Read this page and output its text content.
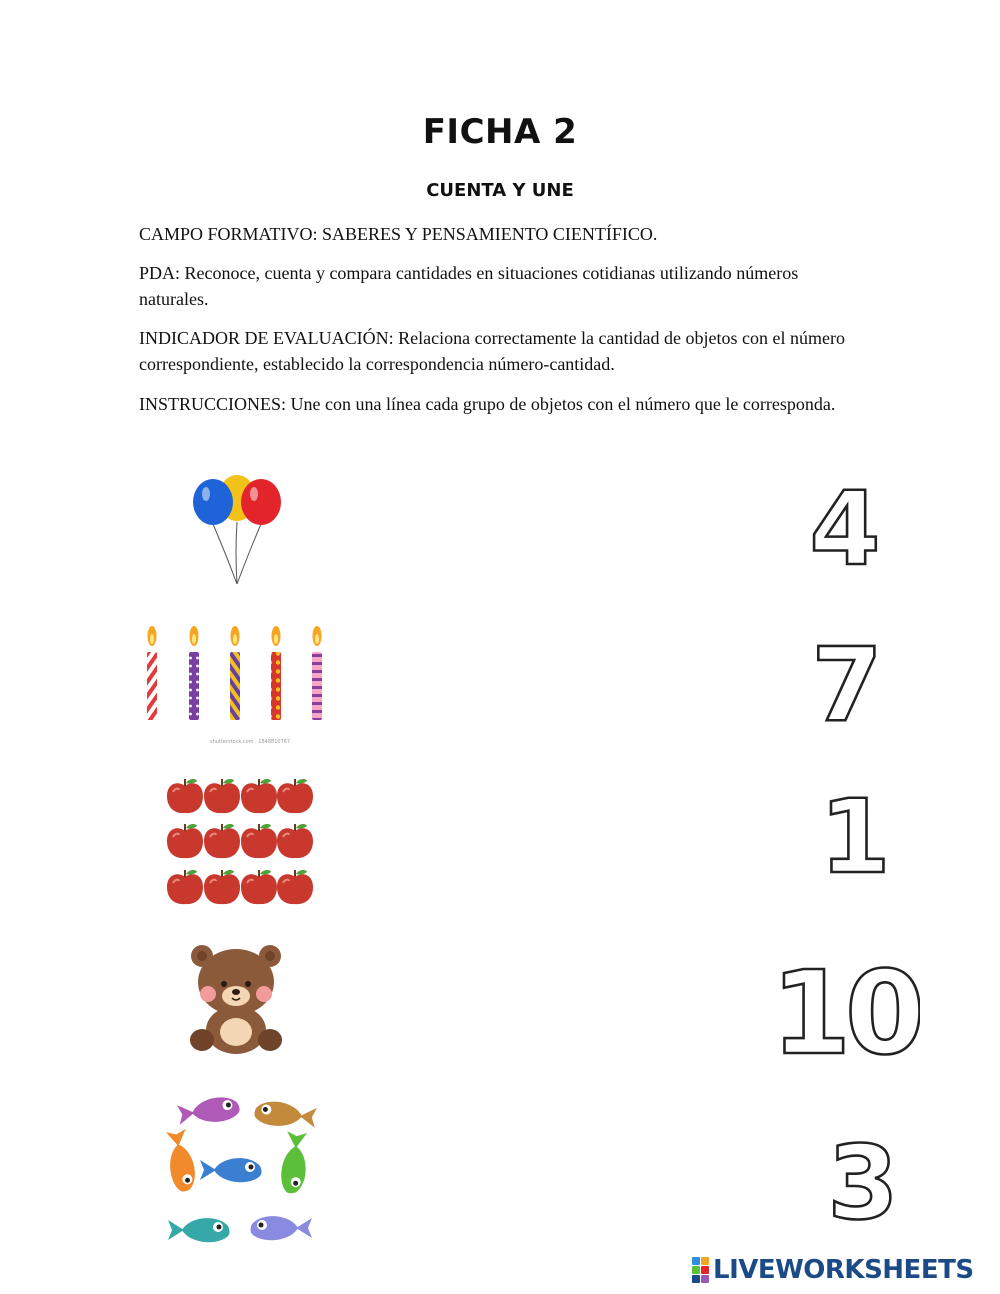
FICHA 2
CUENTA Y UNE
CAMPO FORMATIVO: SABERES Y PENSAMIENTO CIENTÍFICO.
PDA: Reconoce, cuenta y compara cantidades en situaciones cotidianas utilizando números naturales.
INDICADOR DE EVALUACIÓN: Relaciona correctamente la cantidad de objetos con el número correspondiente, establecido la correspondencia número-cantidad.
INSTRUCCIONES: Une con una línea cada grupo de objetos con el número que le corresponda.
shutterstock.com · 1848810767
4
7
1
10
3
LIVEWORKSHEETS
